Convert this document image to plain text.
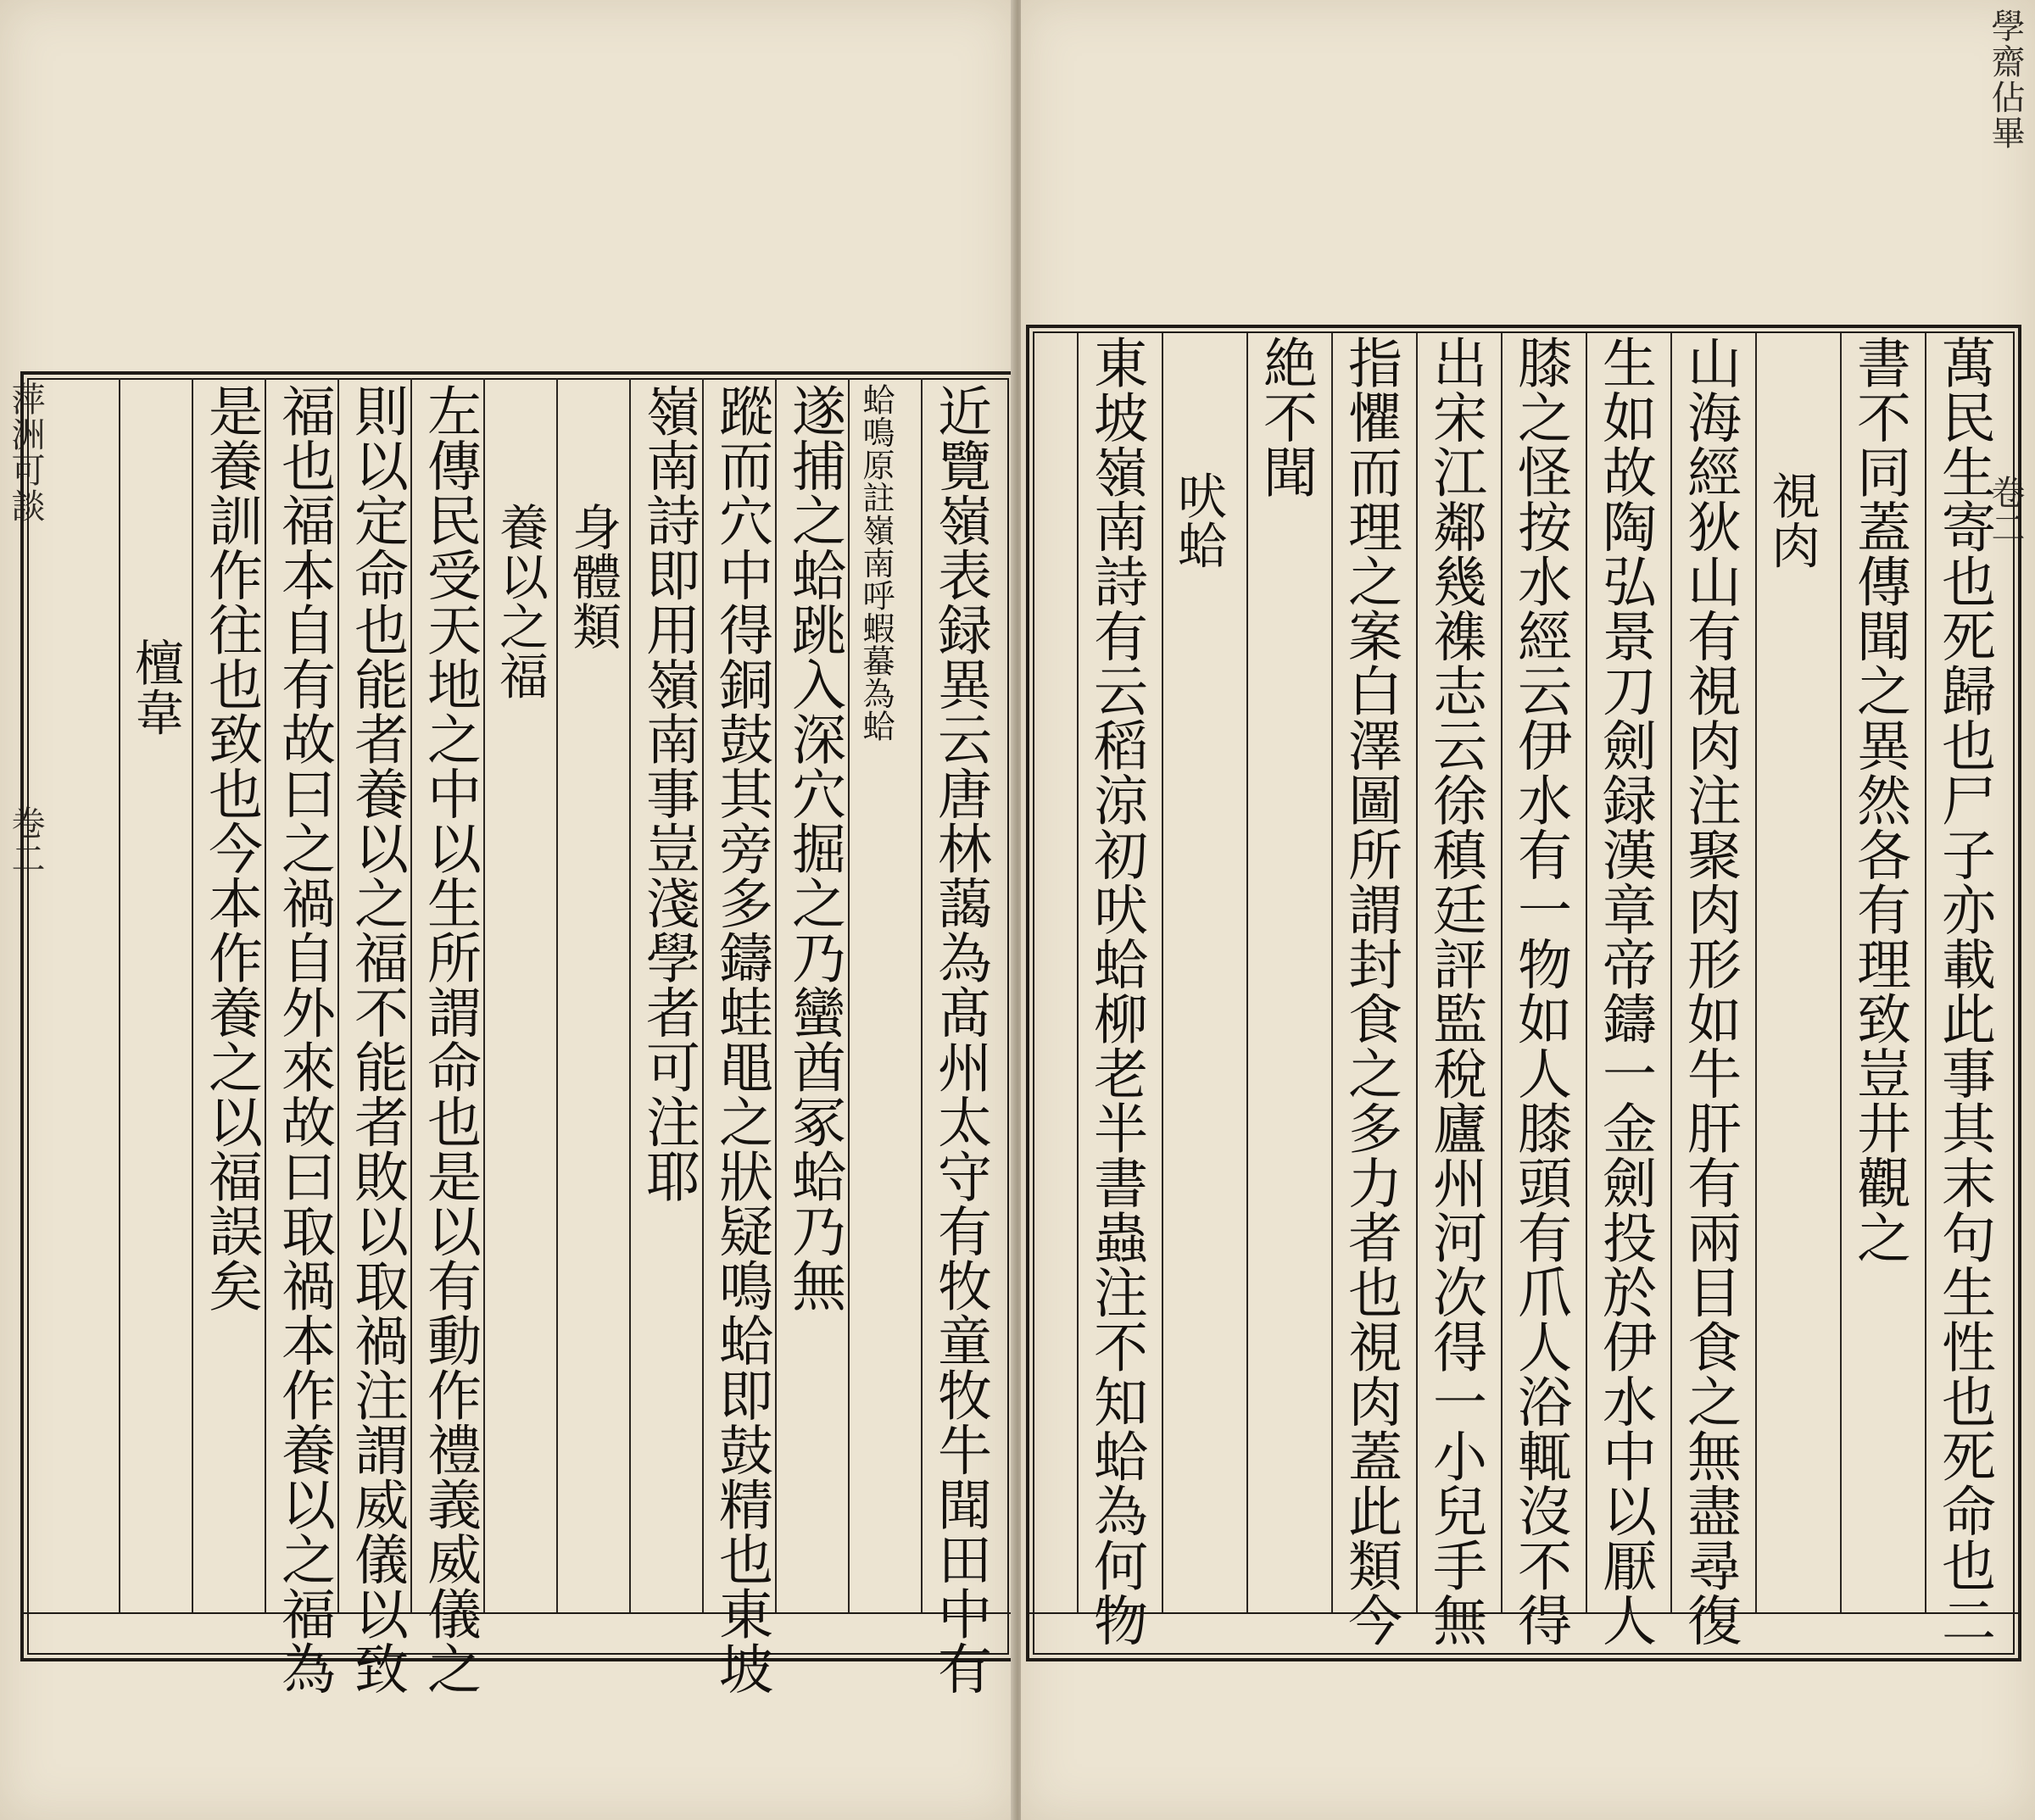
萍洲可談
卷二	近覽嶺表録異云唐林藹為髙州太守有牧童牧牛聞田中有
蛤鳴原註嶺南呼蝦蟇為蛤
遂捕之蛤跳入深穴掘之乃蠻酋冢蛤乃無
蹤而穴中得銅鼓其旁多鑄蛙黽之狀疑鳴蛤即鼓精也東坡
嶺南詩即用嶺南事豈淺學者可注耶
身體類
養以之福
左傳民受天地之中以生所謂命也是以有動作禮義威儀之
則以定命也能者養以之福不能者敗以取禍注謂威儀以致
福也福本自有故曰之禍自外來故曰取禍本作養以之福為
是養訓作往也致也今本作養之以福誤矣
檀韋
學齋佔畢
卷二
萬民生寄也死歸也尸子亦載此事其末句生性也死命也二
書不同蓋傳聞之異然各有理致豈井觀之
視肉
山海經狄山有視肉注聚肉形如牛肝有兩目食之無盡尋復
生如故陶弘景刀劍録漢章帝鑄一金劍投於伊水中以厭人
膝之怪按水經云伊水有一物如人膝頭有爪人浴輒沒不得
出宋江鄰幾襍志云徐稹廷評監稅廬州河次得一小兒手無
指懼而理之案白澤圖所謂封食之多力者也視肉蓋此類今
絶不聞
吠蛤
東坡嶺南詩有云稻涼初吠蛤柳老半書蟲注不知蛤為何物
